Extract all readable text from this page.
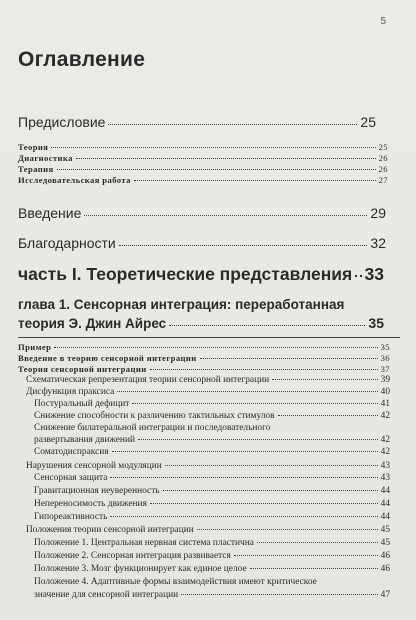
5
Оглавление
Предисловие	25
Теория	25
Диагностика	26
Терапия	26
Исследовательская работа	27
Введение	29
Благодарности	32
часть I. Теоретические представления 33
глава 1. Сенсорная интеграция: переработанная
теория Э. Джин Айрес	35
Пример	35
Введение в теорию сенсорной интеграции	36
Теория сенсорной интеграции	37
Схематическая репрезентация теории сенсорной интеграции	39
Дисфункция праксиса	40
Постуральный дефицит	41
Снижение способности к различению тактильных стимулов	42
Снижение билатеральной интеграции и последовательного
развертывания движений	42
Соматодиспраксия	42
Нарушения сенсорной модуляции	43
Сенсорная защита	43
Гравитационная неуверенность	44
Непереносимость движения	44
Гипореактивность	44
Положения теории сенсорной интеграции	45
Положение 1. Центральная нервная система пластична	45
Положение 2. Сенсорная интеграция развивается	46
Положение 3. Мозг функционирует как единое целое	46
Положение 4. Адаптивные формы взаимодействия имеют критическое
значение для сенсорной интеграции	47
